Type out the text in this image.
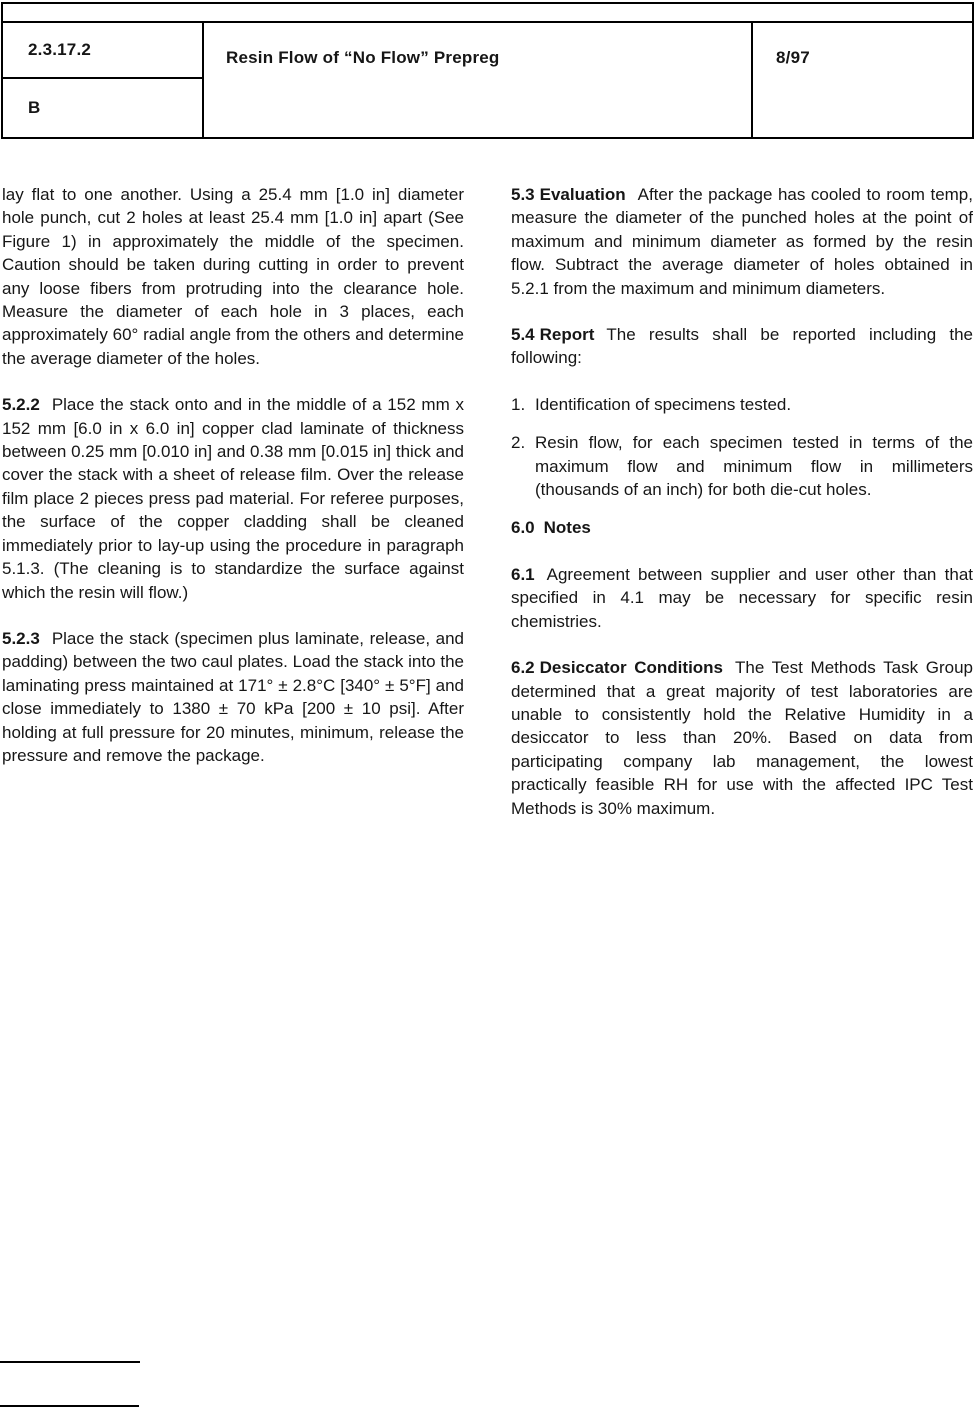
2.3.17.2
B
Resin Flow of “No Flow” Prepreg	8/97

lay flat to one another. Using a 25.4 mm [1.0 in] diameter hole punch, cut 2 holes at least 25.4 mm [1.0 in] apart (See Figure 1) in approximately the middle of the specimen. Caution should be taken during cutting in order to prevent any loose fibers from protruding into the clearance hole. Measure the diameter of each hole in 3 places, each approximately 60° radial angle from the others and determine the average diameter of the holes.

5.2.2 Place the stack onto and in the middle of a 152 mm x 152 mm [6.0 in x 6.0 in] copper clad laminate of thickness between 0.25 mm [0.010 in] and 0.38 mm [0.015 in] thick and cover the stack with a sheet of release film. Over the release film place 2 pieces press pad material. For referee purposes, the surface of the copper cladding shall be cleaned immediately prior to lay-up using the procedure in paragraph 5.1.3. (The cleaning is to standardize the surface against which the resin will flow.)

5.2.3 Place the stack (specimen plus laminate, release, and padding) between the two caul plates. Load the stack into the laminating press maintained at 171° ± 2.8°C [340° ± 5°F] and close immediately to 1380 ± 70 kPa [200 ± 10 psi]. After holding at full pressure for 20 minutes, minimum, release the pressure and remove the package.

5.3 Evaluation After the package has cooled to room temp, measure the diameter of the punched holes at the point of maximum and minimum diameter as formed by the resin flow. Subtract the average diameter of holes obtained in 5.2.1 from the maximum and minimum diameters.

5.4 Report The results shall be reported including the following:

1. Identification of specimens tested.
2. Resin flow, for each specimen tested in terms of the maximum flow and minimum flow in millimeters (thousands of an inch) for both die-cut holes.

6.0 Notes

6.1 Agreement between supplier and user other than that specified in 4.1 may be necessary for specific resin chemistries.

6.2 Desiccator Conditions The Test Methods Task Group determined that a great majority of test laboratories are unable to consistently hold the Relative Humidity in a desiccator to less than 20%. Based on data from participating company lab management, the lowest practically feasible RH for use with the affected IPC Test Methods is 30% maximum.
